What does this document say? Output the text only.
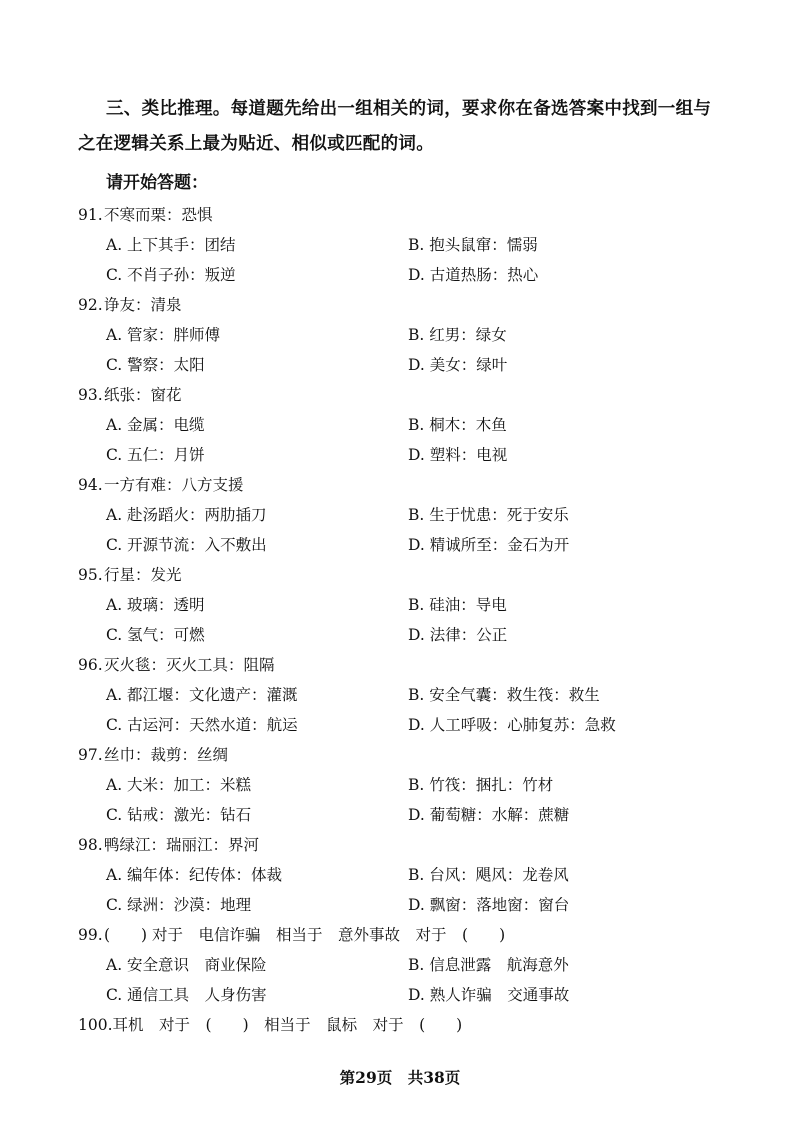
三、类比推理。每道题先给出一组相关的词，要求你在备选答案中找到一组与之在逻辑关系上最为贴近、相似或匹配的词。
请开始答题：
91.不寒而栗：恐惧
A. 上下其手：团结	B. 抱头鼠窜：懦弱
C. 不肖子孙：叛逆	D. 古道热肠：热心
92.诤友：清泉
A. 管家：胖师傅	B. 红男：绿女
C. 警察：太阳	D. 美女：绿叶
93.纸张：窗花
A. 金属：电缆	B. 桐木：木鱼
C. 五仁：月饼	D. 塑料：电视
94.一方有难：八方支援
A. 赴汤蹈火：两肋插刀	B. 生于忧患：死于安乐
C. 开源节流：入不敷出	D. 精诚所至：金石为开
95.行星：发光
A. 玻璃：透明	B. 硅油：导电
C. 氢气：可燃	D. 法律：公正
96.灭火毯：灭火工具：阻隔
A. 都江堰：文化遗产：灌溉	B. 安全气囊：救生筏：救生
C. 古运河：天然水道：航运	D. 人工呼吸：心肺复苏：急救
97.丝巾：裁剪：丝绸
A. 大米：加工：米糕	B. 竹筏：捆扎：竹材
C. 钻戒：激光：钻石	D. 葡萄糖：水解：蔗糖
98.鸭绿江：瑞丽江：界河
A. 编年体：纪传体：体裁	B. 台风：飓风：龙卷风
C. 绿洲：沙漠：地理	D. 飘窗：落地窗：窗台
99.(　　) 对于　电信诈骗　相当于　意外事故　对于　(　　)
A. 安全意识　商业保险	B. 信息泄露　航海意外
C. 通信工具　人身伤害	D. 熟人诈骗　交通事故
100.耳机　对于　(　　)　相当于　鼠标　对于　(　　)
第29页　共38页
